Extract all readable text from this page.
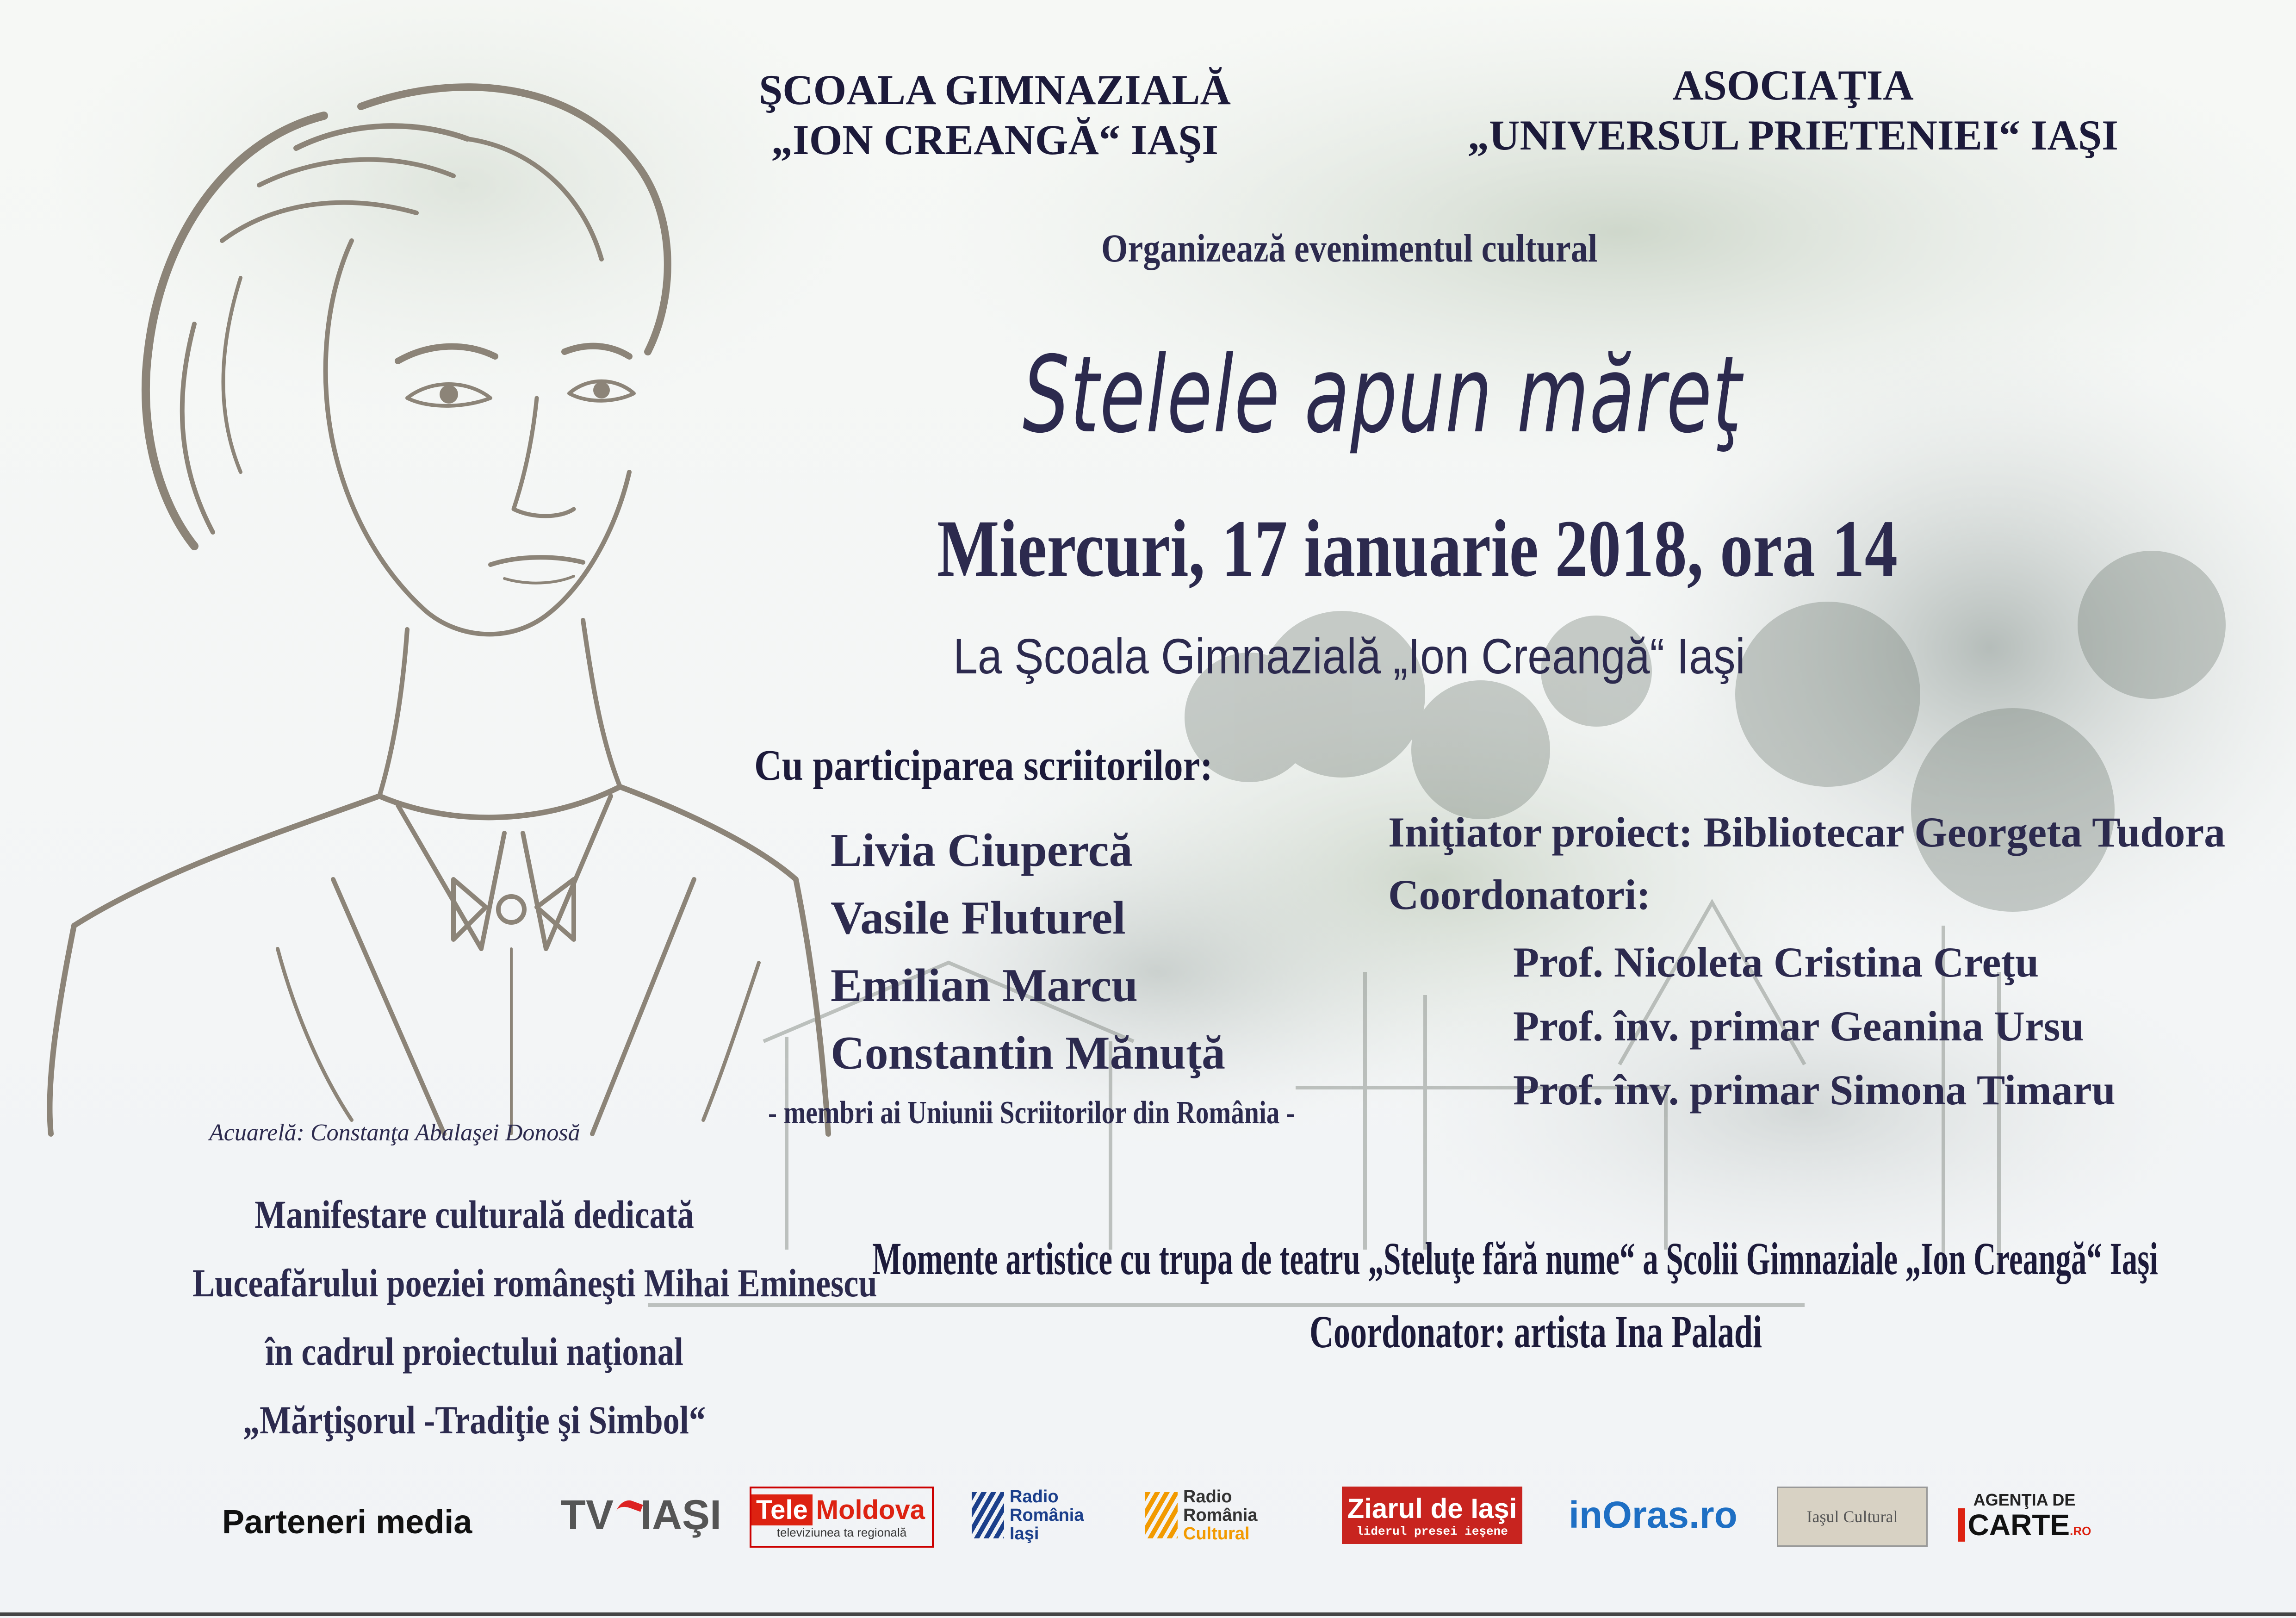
ŞCOALA GIMNAZIALĂ
„ION CREANGĂ“ IAŞI
ASOCIAŢIA
„UNIVERSUL PRIETENIEI“ IAŞI
Organizează evenimentul cultural
Stelele apun măreţ
Miercuri, 17 ianuarie 2018, ora 14
La Şcoala Gimnazială „Ion Creangă“ Iaşi
Cu participarea scriitorilor:
Livia Ciupercă
Vasile Fluturel
Emilian Marcu
Constantin Mănuţă
- membri ai Uniunii Scriitorilor din România -
Iniţiator proiect: Bibliotecar Georgeta Tudora
Coordonatori:
Prof. Nicoleta Cristina Creţu
Prof. înv. primar Geanina Ursu
Prof. înv. primar Simona Timaru
Acuarelă: Constanţa Abalaşei Donosă
Manifestare culturală dedicată
Luceafărului poeziei româneşti Mihai Eminescu
în cadrul proiectului naţional
„Mărţişorul -Tradiţie şi Simbol“
Momente artistice cu trupa de teatru „Steluţe fără nume“ a Şcolii Gimnaziale „Ion Creangă“ Iaşi
Coordonator: artista Ina Paladi
Parteneri media TV IAŞI Tele Moldova
televiziunea ta regională
Radio
România
Iaşi
Radio
România
Cultural
Ziarul de Iaşi
liderul presei ieşene inOras.ro	Iaşul Cultural
AGENŢIA DE
CARTE.RO
